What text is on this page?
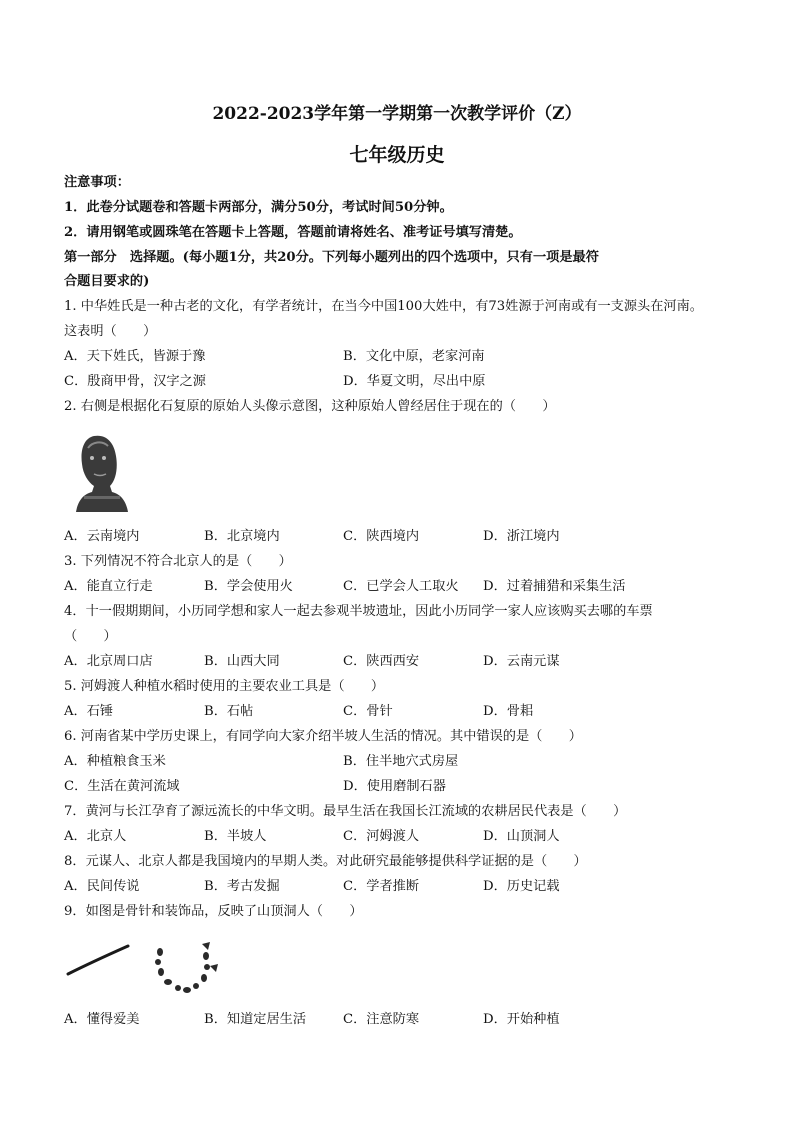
2022-2023学年第一学期第一次教学评价（Z）
七年级历史
注意事项：
1．此卷分试题卷和答题卡两部分，满分50分，考试时间50分钟。
2．请用钢笔或圆珠笔在答题卡上答题，答题前请将姓名、准考证号填写清楚。
第一部分　选择题。(每小题1分，共20分。下列每小题列出的四个选项中，只有一项是最符
合题目要求的)
1. 中华姓氏是一种古老的文化，有学者统计，在当今中国100大姓中，有73姓源于河南或有一支源头在河南。
这表明（　　）
A．天下姓氏，皆源于豫	B．文化中原，老家河南
C．殷商甲骨，汉字之源	D．华夏文明，尽出中原
2. 右侧是根据化石复原的原始人头像示意图，这种原始人曾经居住于现在的（　　）
A．云南境内	B．北京境内	C．陕西境内	D．浙江境内
3. 下列情况不符合北京人的是（　　）
A．能直立行走	B．学会使用火	C．已学会人工取火 D．过着捕猎和采集生活
4．十一假期期间，小历同学想和家人一起去参观半坡遗址，因此小历同学一家人应该购买去哪的车票
（　　）
A．北京周口店	B．山西大同	C．陕西西安	D．云南元谋
5. 河姆渡人种植水稻时使用的主要农业工具是（　　）
A．石锤	B．石帖	C．骨针	D．骨耜
6. 河南省某中学历史课上，有同学向大家介绍半坡人生活的情况。其中错误的是（　　）
A．种植粮食玉米	B．住半地穴式房屋
C．生活在黄河流域	D．使用磨制石器
7．黄河与长江孕育了源远流长的中华文明。最早生活在我国长江流域的农耕居民代表是（　　）
A．北京人	B．半坡人	C．河姆渡人	D．山顶洞人
8．元谋人、北京人都是我国境内的早期人类。对此研究最能够提供科学证据的是（　　）
A．民间传说	B．考古发掘	C．学者推断	D．历史记载
9．如图是骨针和装饰品，反映了山顶洞人（　　）
A．懂得爱美	B．知道定居生活	C．注意防寒	D．开始种植
